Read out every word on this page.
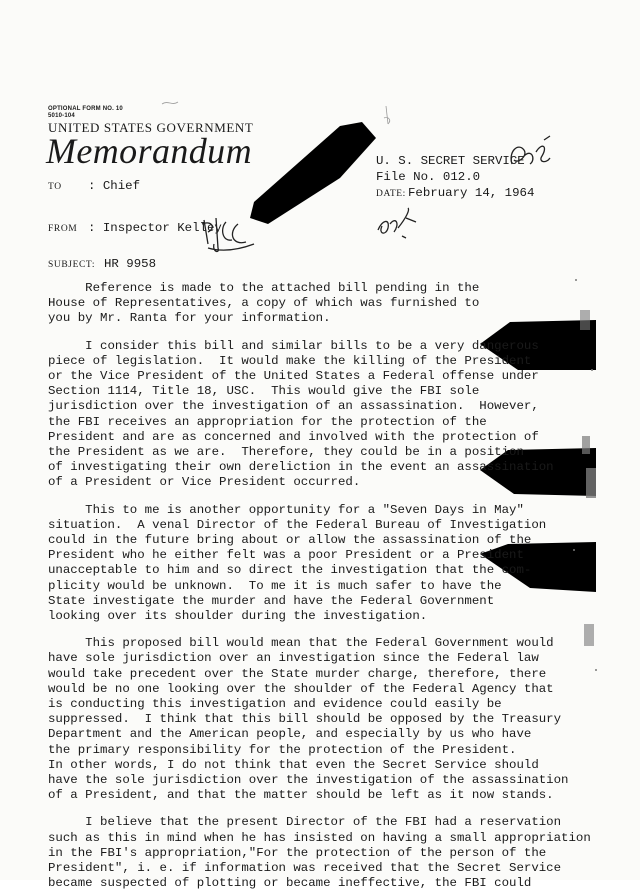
OPTIONAL FORM NO. 10
5010-104
UNITED STATES GOVERNMENT
Memorandum
TO : Chief
FROM : Inspector Kelley
SUBJECT: HR 9958
U. S. SECRET SERVICE
File No. 012.0
DATE: February 14, 1964
Reference is made to the attached bill pending in the
House of Representatives, a copy of which was furnished to
you by Mr. Ranta for your information.
I consider this bill and similar bills to be a very dangerous
piece of legislation.  It would make the killing of the President
or the Vice President of the United States a Federal offense under
Section 1114, Title 18, USC.  This would give the FBI sole
jurisdiction over the investigation of an assassination.  However,
the FBI receives an appropriation for the protection of the
President and are as concerned and involved with the protection of
the President as we are.  Therefore, they could be in a position
of investigating their own dereliction in the event an assassination
of a President or Vice President occurred.
This to me is another opportunity for a "Seven Days in May"
situation.  A venal Director of the Federal Bureau of Investigation
could in the future bring about or allow the assassination of the
President who he either felt was a poor President or a President
unacceptable to him and so direct the investigation that the com-
plicity would be unknown.  To me it is much safer to have the
State investigate the murder and have the Federal Government
looking over its shoulder during the investigation.
This proposed bill would mean that the Federal Government would
have sole jurisdiction over an investigation since the Federal law
would take precedent over the State murder charge, therefore, there
would be no one looking over the shoulder of the Federal Agency that
is conducting this investigation and evidence could easily be
suppressed.  I think that this bill should be opposed by the Treasury
Department and the American people, and especially by us who have
the primary responsibility for the protection of the President.
In other words, I do not think that even the Secret Service should
have the sole jurisdiction over the investigation of the assassination
of a President, and that the matter should be left as it now stands.
I believe that the present Director of the FBI had a reservation
such as this in mind when he has insisted on having a small appropriation
in the FBI's appropriation,"For the protection of the person of the
President", i. e. if information was received that the Secret Service
became suspected of plotting or became ineffective, the FBI could
